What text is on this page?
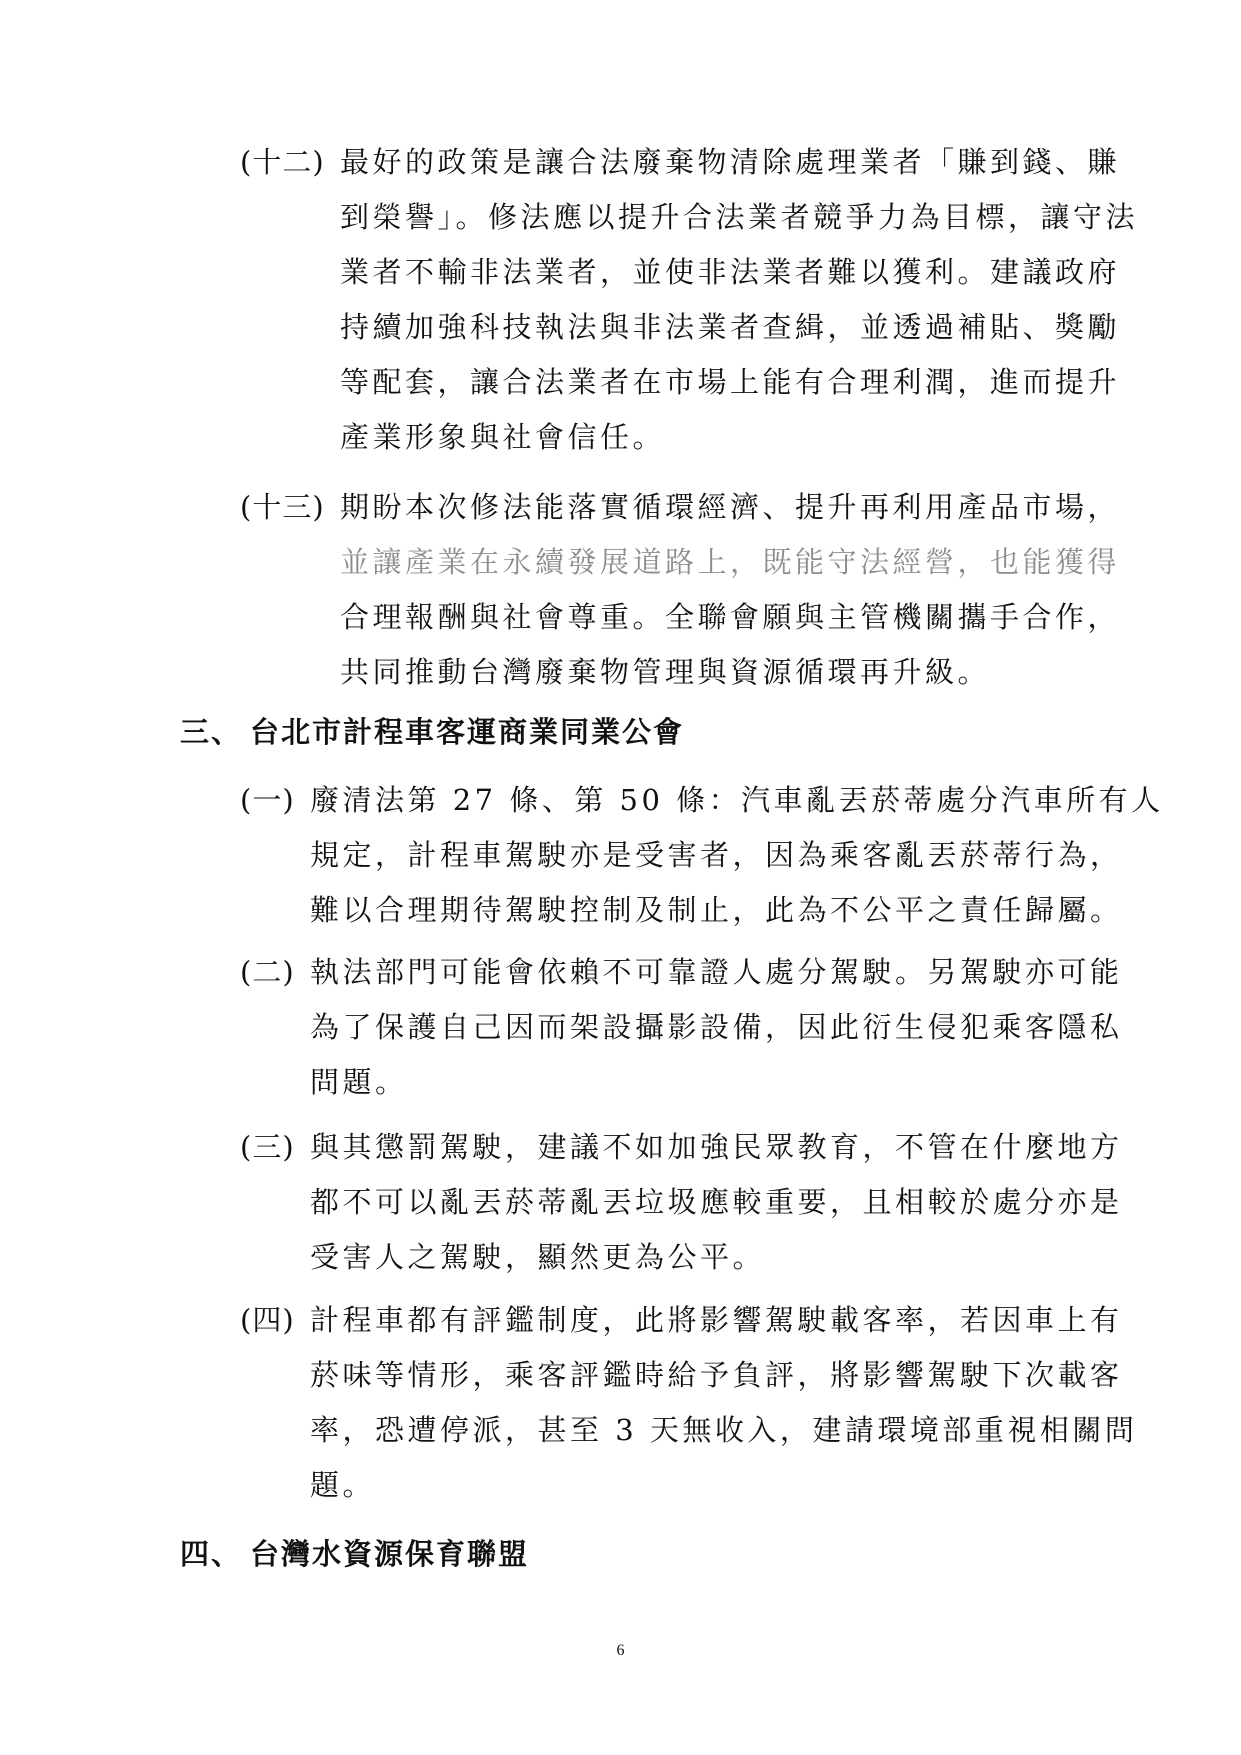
(十二) 最好的政策是讓合法廢棄物清除處理業者「賺到錢、賺
到榮譽」。修法應以提升合法業者競爭力為目標，讓守法
業者不輸非法業者，並使非法業者難以獲利。建議政府
持續加強科技執法與非法業者查緝，並透過補貼、獎勵
等配套，讓合法業者在市場上能有合理利潤，進而提升
產業形象與社會信任。
(十三) 期盼本次修法能落實循環經濟、提升再利用產品市場，
並讓產業在永續發展道路上，既能守法經營，也能獲得
合理報酬與社會尊重。全聯會願與主管機關攜手合作，
共同推動台灣廢棄物管理與資源循環再升級。
三、 台北市計程車客運商業同業公會
(一) 廢清法第 27 條、第 50 條：汽車亂丟菸蒂處分汽車所有人
規定，計程車駕駛亦是受害者，因為乘客亂丟菸蒂行為，
難以合理期待駕駛控制及制止，此為不公平之責任歸屬。
(二) 執法部門可能會依賴不可靠證人處分駕駛。另駕駛亦可能
為了保護自己因而架設攝影設備，因此衍生侵犯乘客隱私
問題。
(三) 與其懲罰駕駛，建議不如加強民眾教育，不管在什麼地方
都不可以亂丟菸蒂亂丟垃圾應較重要，且相較於處分亦是
受害人之駕駛，顯然更為公平。
(四) 計程車都有評鑑制度，此將影響駕駛載客率，若因車上有
菸味等情形，乘客評鑑時給予負評，將影響駕駛下次載客
率，恐遭停派，甚至 3 天無收入，建請環境部重視相關問
題。
四、 台灣水資源保育聯盟
6
